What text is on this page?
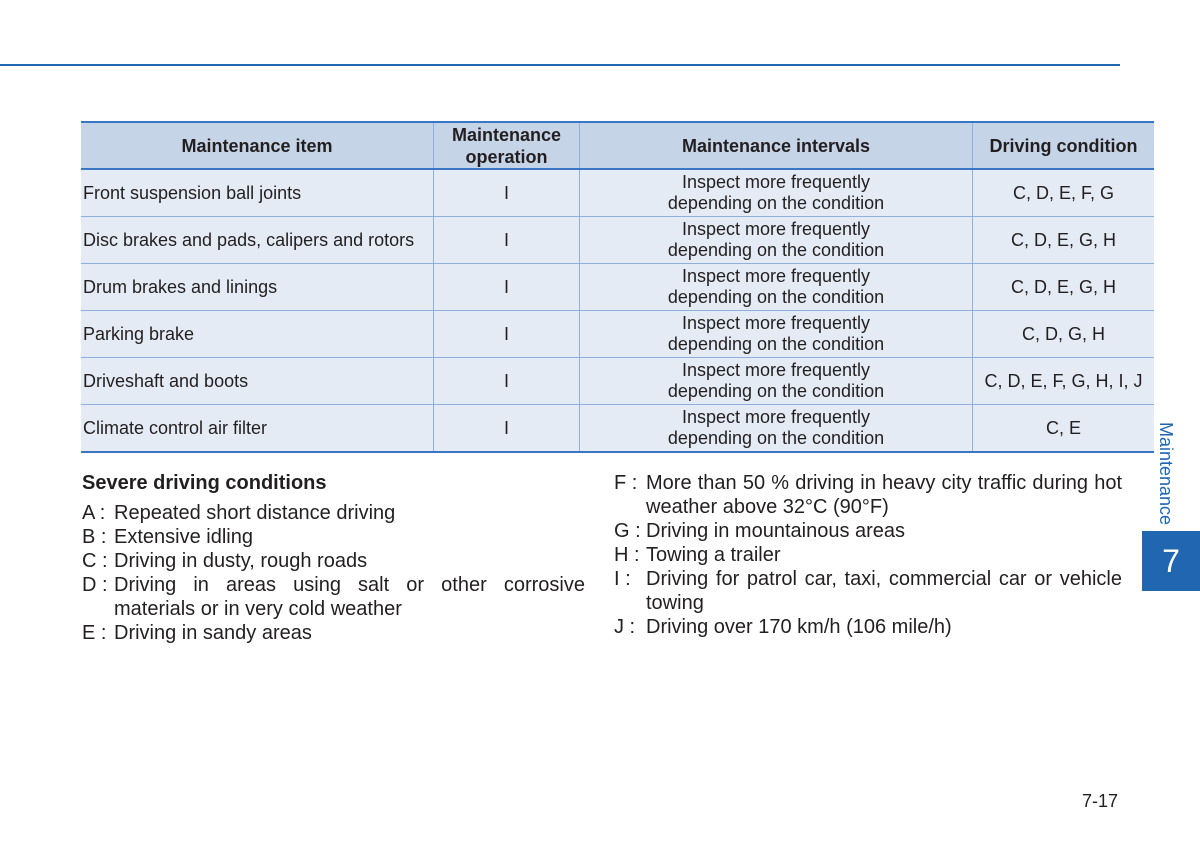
Maintenance item	Maintenance operation	Maintenance intervals	Driving condition
Front suspension ball joints	I	Inspect more frequently depending on the condition	C, D, E, F, G
Disc brakes and pads, calipers and rotors	I	Inspect more frequently depending on the condition	C, D, E, G, H
Drum brakes and linings	I	Inspect more frequently depending on the condition	C, D, E, G, H
Parking brake	I	Inspect more frequently depending on the condition	C, D, G, H
Driveshaft and boots	I	Inspect more frequently depending on the condition	C, D, E, F, G, H, I, J
Climate control air filter	I	Inspect more frequently depending on the condition	C, E
Severe driving conditions
A : Repeated short distance driving
B : Extensive idling
C : Driving in dusty, rough roads
D : Driving in areas using salt or other corrosive materials or in very cold weather
E : Driving in sandy areas
F : More than 50 % driving in heavy city traffic during hot weather above 32°C (90°F)
G : Driving in mountainous areas
H : Towing a trailer
I : Driving for patrol car, taxi, commercial car or vehicle towing
J : Driving over 170 km/h (106 mile/h)
Maintenance
7
7-17
